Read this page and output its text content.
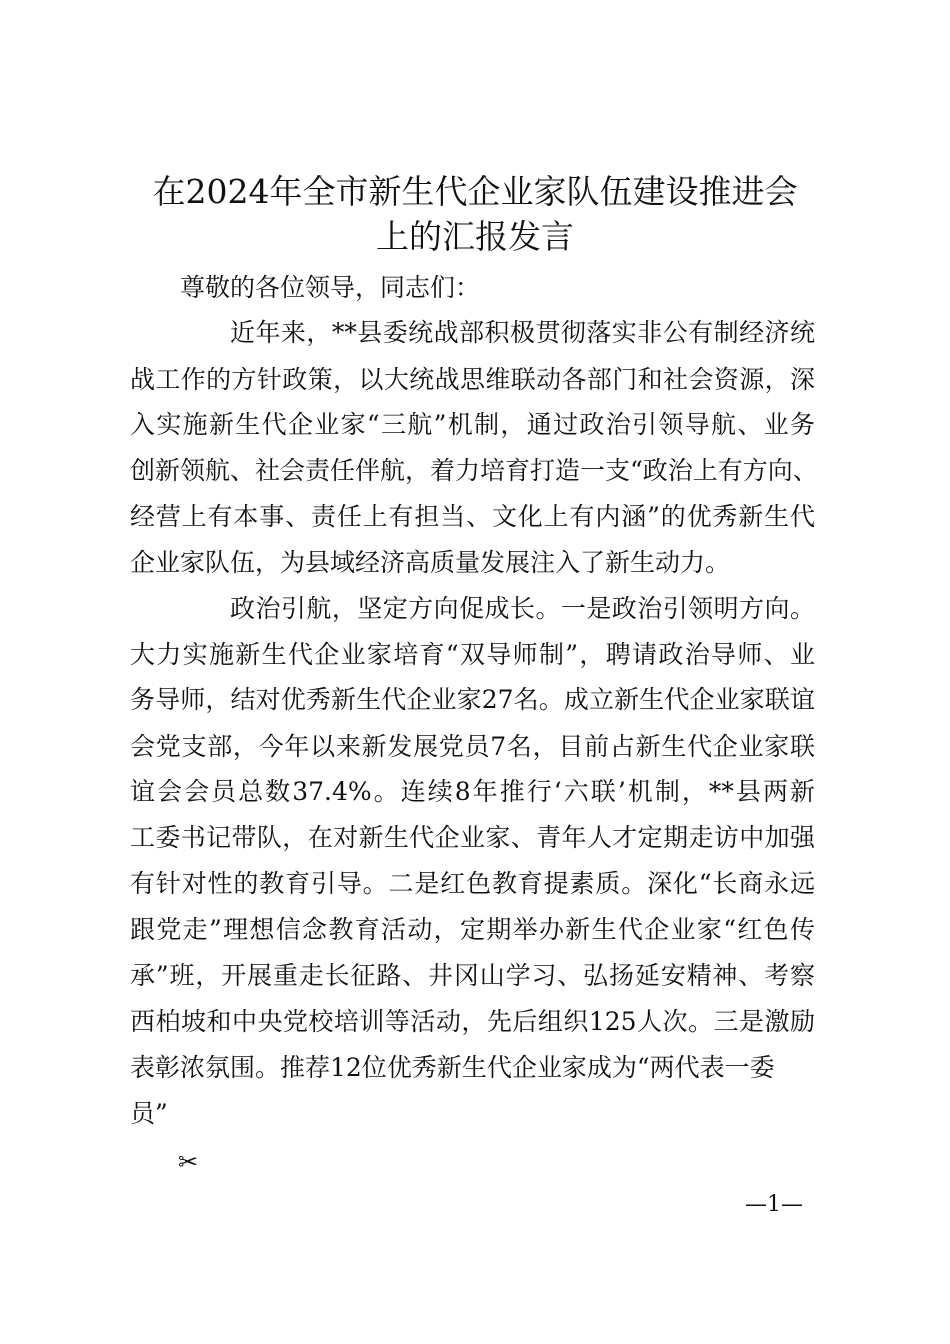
在2024年全市新生代企业家队伍建设推进会
上的汇报发言
尊敬的各位领导，同志们：
近年来，**县委统战部积极贯彻落实非公有制经济统
战工作的方针政策，以大统战思维联动各部门和社会资源，深
入实施新生代企业家“三航”机制，通过政治引领导航、业务
创新领航、社会责任伴航，着力培育打造一支“政治上有方向、
经营上有本事、责任上有担当、文化上有内涵”的优秀新生代
企业家队伍，为县域经济高质量发展注入了新生动力。
政治引航，坚定方向促成长。一是政治引领明方向。
大力实施新生代企业家培育“双导师制”，聘请政治导师、业
务导师，结对优秀新生代企业家27名。成立新生代企业家联谊
会党支部，今年以来新发展党员7名，目前占新生代企业家联
谊会会员总数37.4%。连续8年推行‘六联’机制，**县两新
工委书记带队，在对新生代企业家、青年人才定期走访中加强
有针对性的教育引导。二是红色教育提素质。深化“长商永远
跟党走”理想信念教育活动，定期举办新生代企业家“红色传
承”班，开展重走长征路、井冈山学习、弘扬延安精神、考察
西柏坡和中央党校培训等活动，先后组织125人次。三是激励
表彰浓氛围。推荐12位优秀新生代企业家成为“两代表一委
员”
✂
—1—
